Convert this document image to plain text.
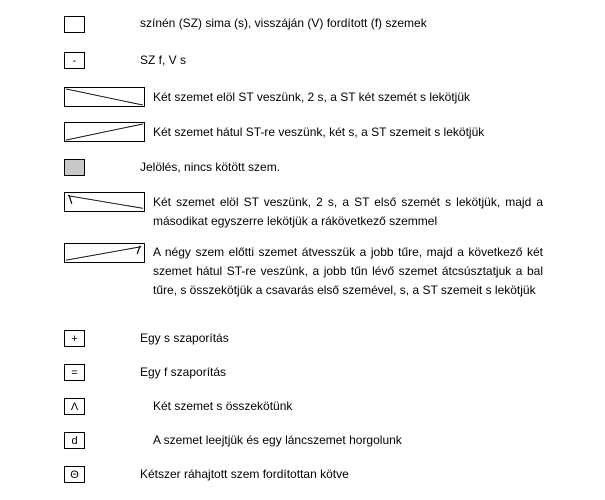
színén (SZ) sima (s), visszáján (V) fordított (f) szemek
-	SZ f, V s
Két szemet elöl ST veszünk, 2 s, a ST két szemét s lekötjük
Két szemet hátul ST-re veszünk, két s, a ST szemeit s lekötjük
Jelölés, nincs kötött szem.
Két szemet elöl ST veszünk, 2 s, a ST első szemét s lekötjük, majd a másodikat egyszerre lekötjük a rákövetkező szemmel
A négy szem előtti szemet átvesszük a jobb tűre, majd a következő két szemet hátul ST-re veszünk, a jobb tűn lévő szemet átcsúsztatjuk a bal tűre, s összekötjük a csavarás első szemével, s, a ST szemeit s lekötjük
+	Egy s szaporítás
=	Egy f szaporítás
Λ	Két szemet s összekötünk
d	A szemet leejtjük és egy láncszemet horgolunk
Θ	Kétszer ráhajtott szem fordítottan kötve
